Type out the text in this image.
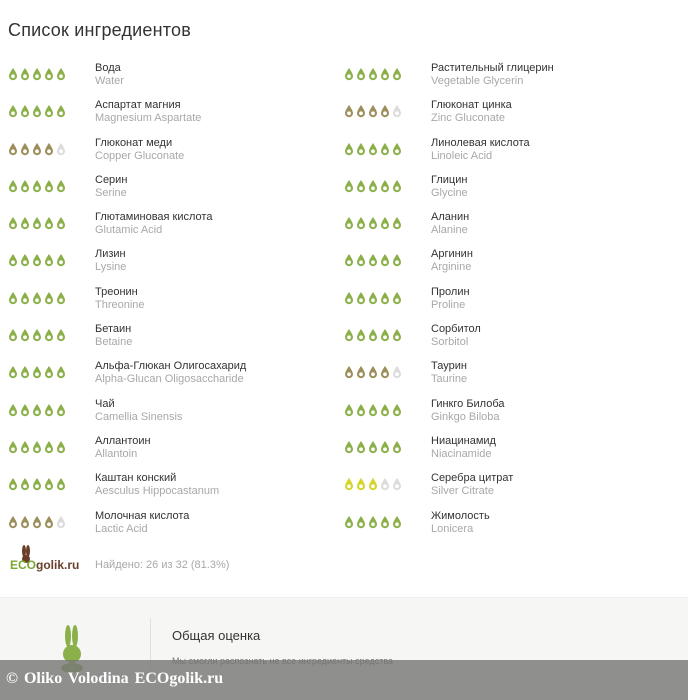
Список ингредиентов
Вода
Water
Аспартат магния
Magnesium Aspartate
Глюконат меди
Copper Gluconate
Серин
Serine
Глютаминовая кислота
Glutamic Acid
Лизин
Lysine
Треонин
Threonine
Бетаин
Betaine
Альфа-Глюкан Олигосахарид
Alpha-Glucan Oligosaccharide
Чай
Camellia Sinensis
Аллантоин
Allantoin
Каштан конский
Aesculus Hippocastanum
Молочная кислота
Lactic Acid
Растительный глицерин
Vegetable Glycerin
Глюконат цинка
Zinc Gluconate
Линолевая кислота
Linoleic Acid
Глицин
Glycine
Аланин
Alanine
Аргинин
Arginine
Пролин
Proline
Сорбитол
Sorbitol
Таурин
Taurine
Гинкго Билоба
Ginkgo Biloba
Ниацинамид
Niacinamide
Серебра цитрат
Silver Citrate
Жимолость
Lonicera
ECOgolik.ru Найдено: 26 из 32 (81.3%)
Общая оценка
© Oliko Volodina ECOgolik.ru
